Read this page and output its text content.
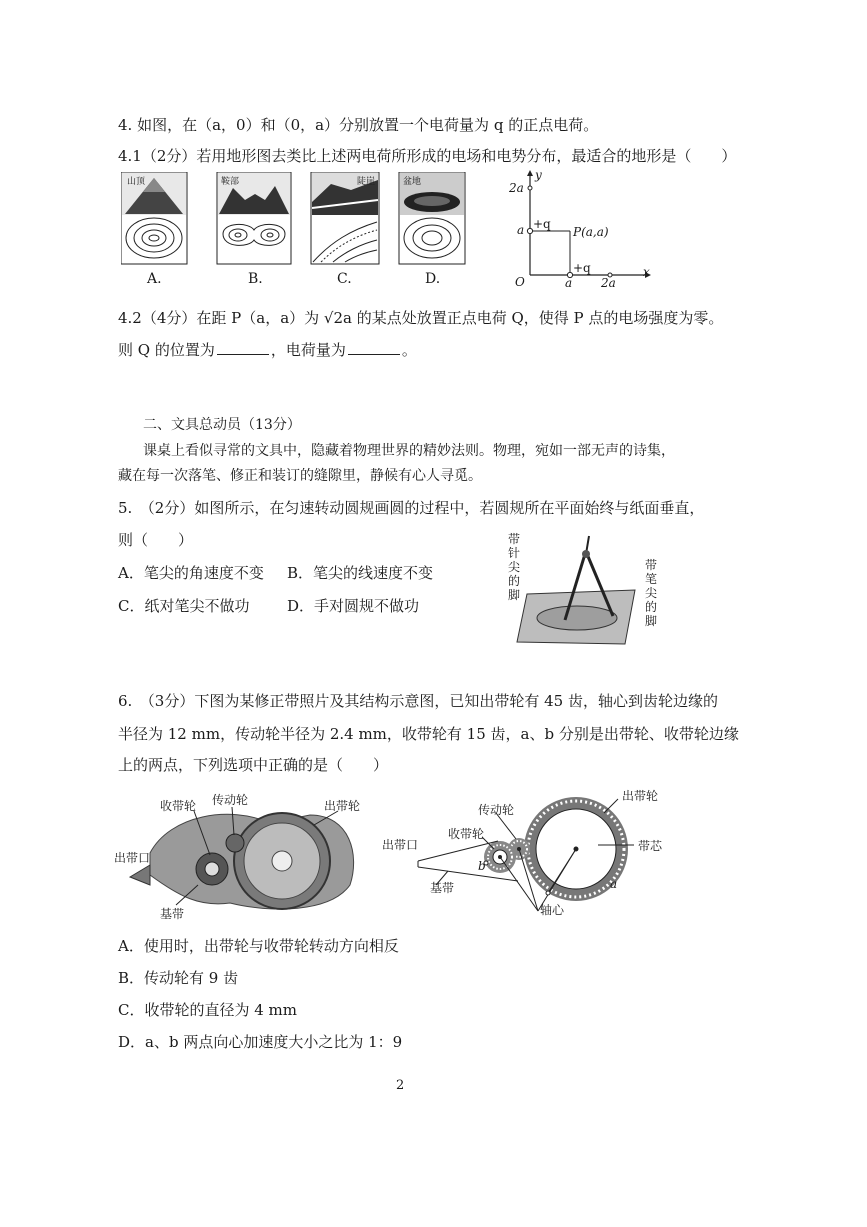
4. 如图，在（a，0）和（0，a）分别放置一个电荷量为 q 的正点电荷。
4.1（2分）若用地形图去类比上述两电荷所形成的电场和电势分布，最适合的地形是（　　）
山顶	鞍部	陡崖	盆地
A.	B.	C.	D.
y
x
O
2a
a
a 2a
+q
+q
P(a,a)
4.2（4分）在距 P（a，a）为 √2a 的某点处放置正点电荷 Q，使得 P 点的电场强度为零。
则 Q 的位置为	，电荷量为	。
二、文具总动员（13分）
课桌上看似寻常的文具中，隐藏着物理世界的精妙法则。物理，宛如一部无声的诗集，
藏在每一次落笔、修正和装订的缝隙里，静候有心人寻觅。
5.　（2分）如图所示，在匀速转动圆规画圆的过程中，若圆规所在平面始终与纸面垂直，
则（　　）
A．笔尖的角速度不变 B．笔尖的线速度不变
C．纸对笔尖不做功	D．手对圆规不做功
带
针
尖
的
脚
带
笔
尖
的
脚
6.　（3分）下图为某修正带照片及其结构示意图，已知出带轮有 45 齿，轴心到齿轮边缘的
半径为 12 mm，传动轮半径为 2.4 mm，收带轮有 15 齿，a、b 分别是出带轮、收带轮边缘
上的两点，下列选项中正确的是（　　）
收带轮 传动轮	出带轮
出带口
基带
传动轮
出带轮
收带轮
出带口	带芯
基带
轴心
a
b
A．使用时，出带轮与收带轮转动方向相反
B．传动轮有 9 齿
C．收带轮的直径为 4 mm
D．a、b 两点向心加速度大小之比为 1：9
2
